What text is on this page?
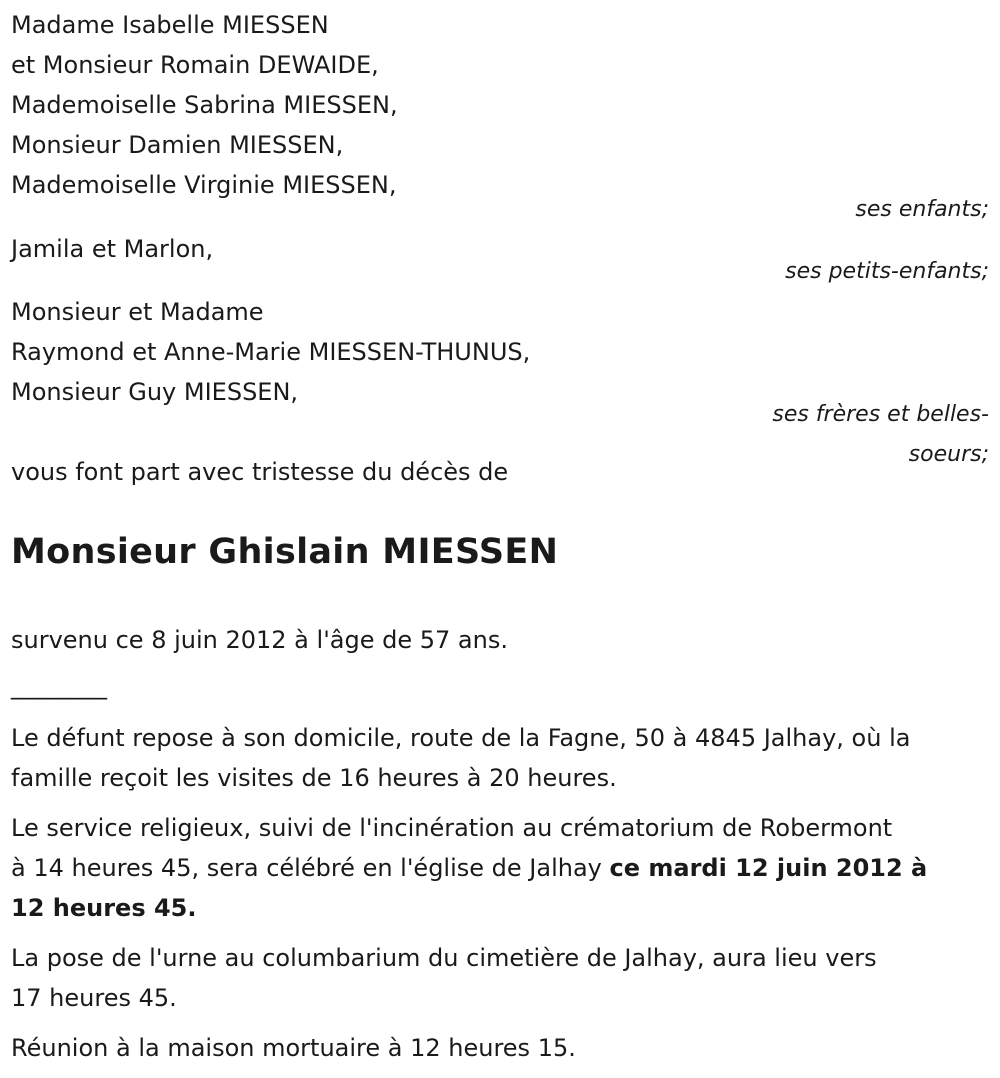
Madame Isabelle MIESSEN
et Monsieur Romain DEWAIDE,
Mademoiselle Sabrina MIESSEN,
Monsieur Damien MIESSEN,
Mademoiselle Virginie MIESSEN,
ses enfants;
Jamila et Marlon,
ses petits-enfants;
Monsieur et Madame
Raymond et Anne-Marie MIESSEN-THUNUS,
Monsieur Guy MIESSEN,
ses frères et belles-
soeurs;
vous font part avec tristesse du décès de
Monsieur Ghislain MIESSEN
survenu ce 8 juin 2012 à l'âge de 57 ans.
________
Le défunt repose à son domicile, route de la Fagne, 50 à 4845 Jalhay, où la famille reçoit les visites de 16 heures à 20 heures.
Le service religieux, suivi de l'incinération au crématorium de Robermont
à 14 heures 45, sera célébré en l'église de Jalhay ce mardi 12 juin 2012 à
12 heures 45.
La pose de l'urne au columbarium du cimetière de Jalhay, aura lieu vers
17 heures 45.
Réunion à la maison mortuaire à 12 heures 15.
